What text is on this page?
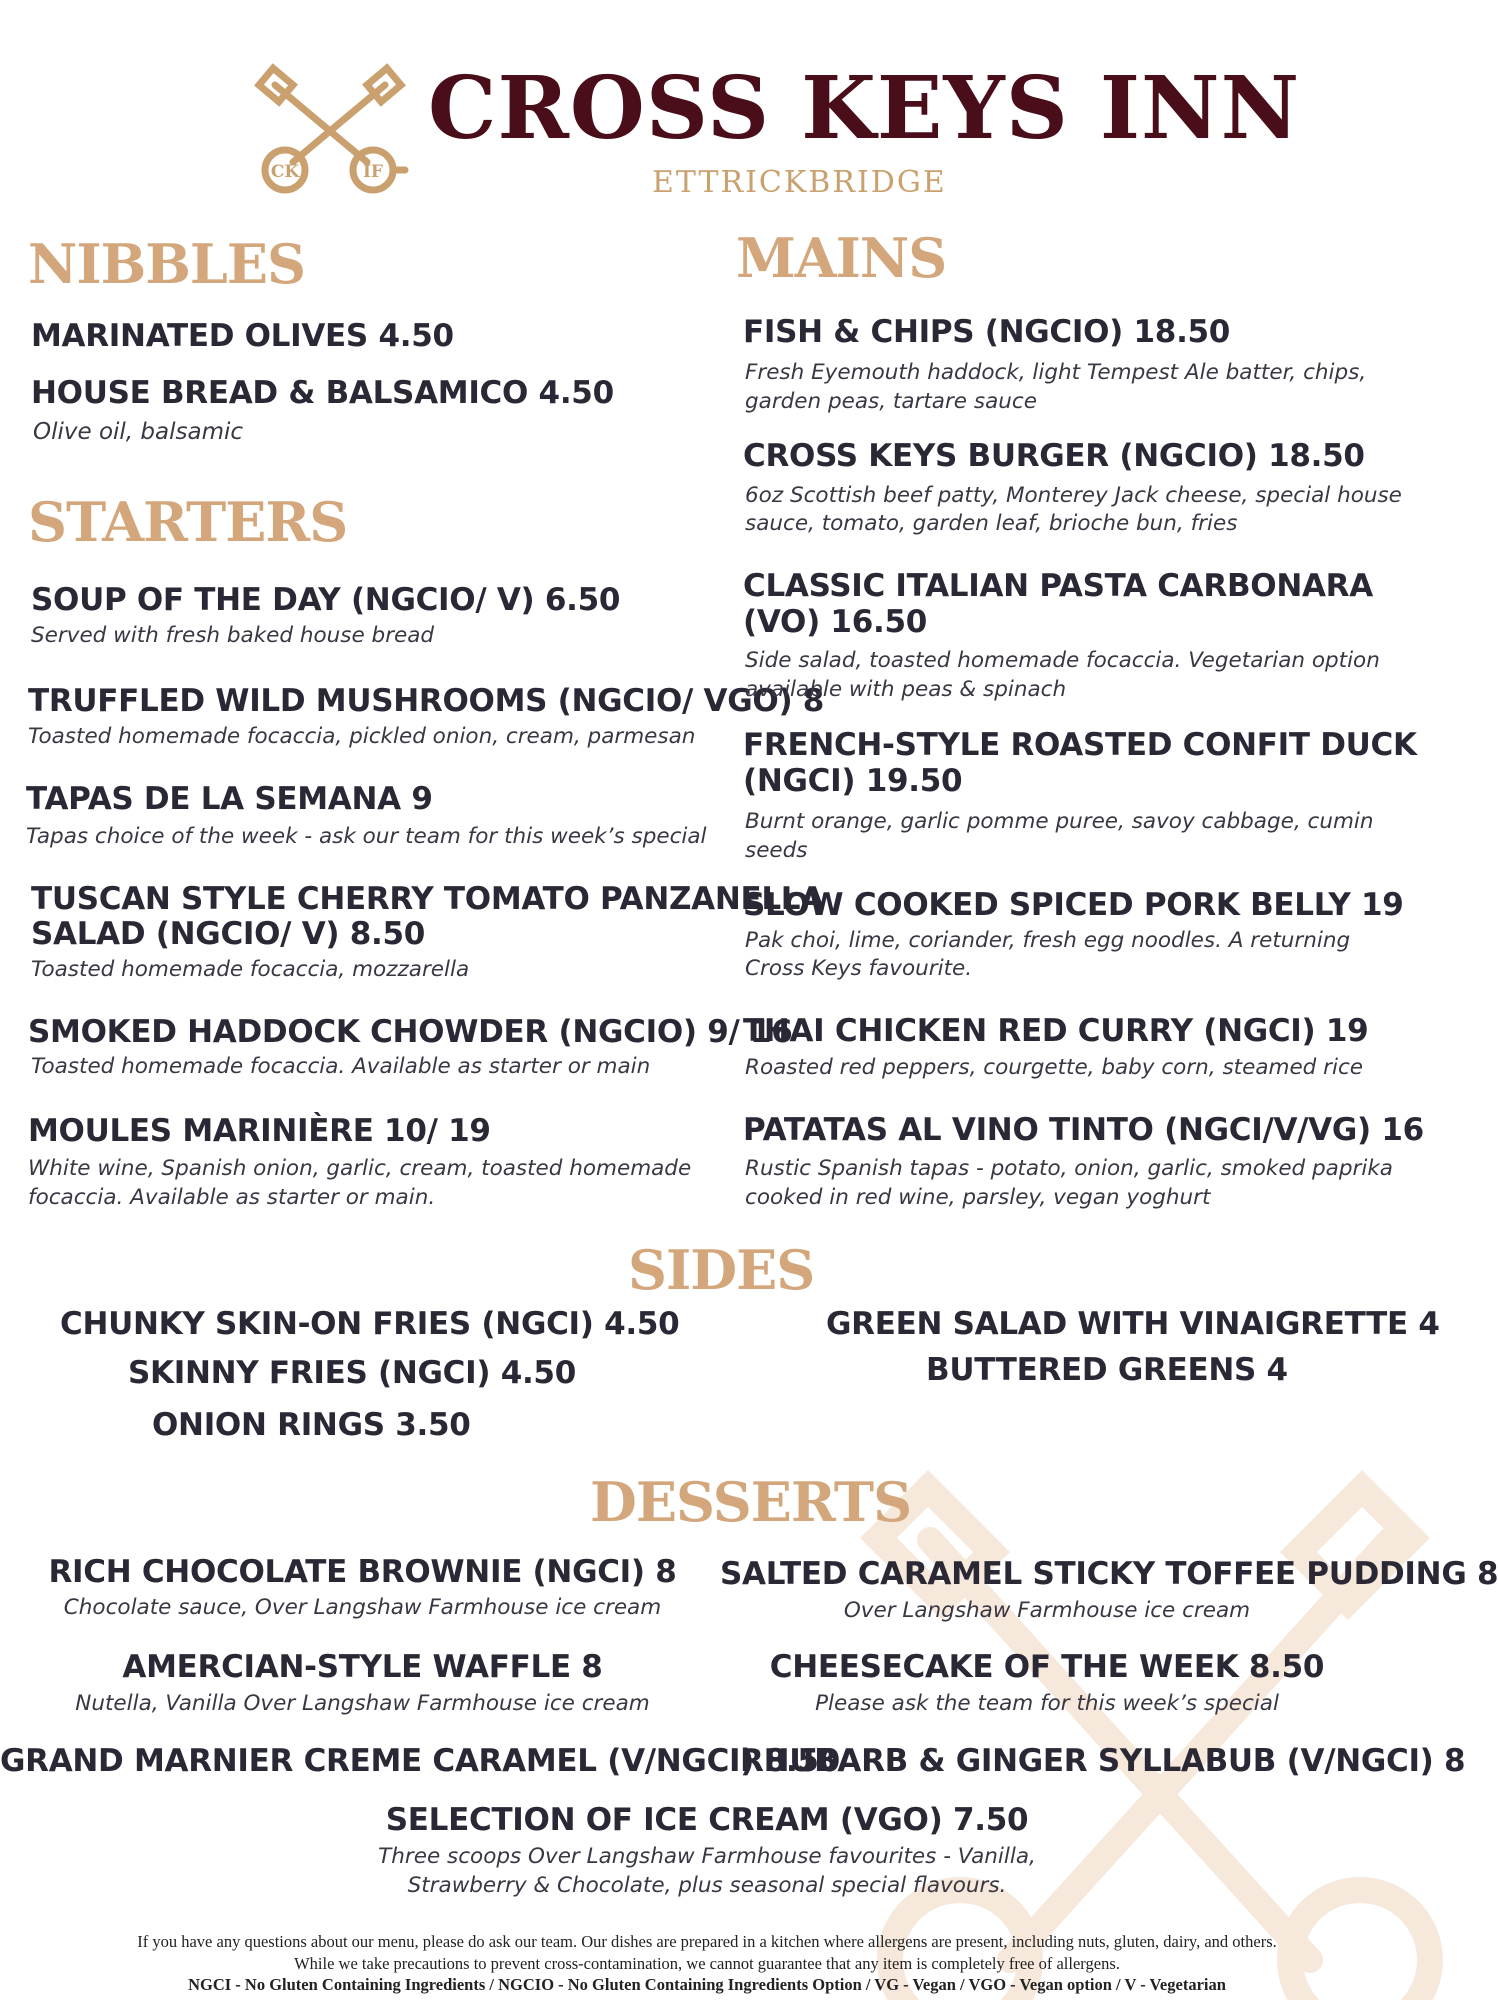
CK	IF
CROSS KEYS INN
ETTRICKBRIDGE
NIBBLES
MARINATED OLIVES 4.50
HOUSE BREAD & BALSAMICO 4.50
Olive oil, balsamic
STARTERS
SOUP OF THE DAY (NGCIO/ V) 6.50
Served with fresh baked house bread
TRUFFLED WILD MUSHROOMS (NGCIO/ VGO) 8
Toasted homemade focaccia, pickled onion, cream, parmesan
TAPAS DE LA SEMANA 9
Tapas choice of the week - ask our team for this week’s special
TUSCAN STYLE CHERRY TOMATO PANZANELLA
SALAD (NGCIO/ V) 8.50
Toasted homemade focaccia, mozzarella
SMOKED HADDOCK CHOWDER (NGCIO) 9/ 16
Toasted homemade focaccia. Available as starter or main
MOULES MARINIÈRE 10/ 19
White wine, Spanish onion, garlic, cream, toasted homemade
focaccia. Available as starter or main.
MAINS
FISH & CHIPS (NGCIO) 18.50
Fresh Eyemouth haddock, light Tempest Ale batter, chips,
garden peas, tartare sauce
CROSS KEYS BURGER (NGCIO) 18.50
6oz Scottish beef patty, Monterey Jack cheese, special house
sauce, tomato, garden leaf, brioche bun, fries
CLASSIC ITALIAN PASTA CARBONARA
(VO) 16.50
Side salad, toasted homemade focaccia. Vegetarian option
available with peas & spinach
FRENCH-STYLE ROASTED CONFIT DUCK
(NGCI) 19.50
Burnt orange, garlic pomme puree, savoy cabbage, cumin
seeds
SLOW COOKED SPICED PORK BELLY 19
Pak choi, lime, coriander, fresh egg noodles. A returning
Cross Keys favourite.
THAI CHICKEN RED CURRY (NGCI) 19
Roasted red peppers, courgette, baby corn, steamed rice
PATATAS AL VINO TINTO (NGCI/V/VG) 16
Rustic Spanish tapas - potato, onion, garlic, smoked paprika
cooked in red wine, parsley, vegan yoghurt
SIDES
CHUNKY SKIN-ON FRIES (NGCI) 4.50
SKINNY FRIES (NGCI) 4.50
ONION RINGS 3.50
GREEN SALAD WITH VINAIGRETTE 4
BUTTERED GREENS 4
DESSERTS
RICH CHOCOLATE BROWNIE (NGCI) 8
Chocolate sauce, Over Langshaw Farmhouse ice cream
SALTED CARAMEL STICKY TOFFEE PUDDING 8
Over Langshaw Farmhouse ice cream
AMERCIAN-STYLE WAFFLE 8
Nutella, Vanilla Over Langshaw Farmhouse ice cream
CHEESECAKE OF THE WEEK 8.50
Please ask the team for this week’s special
GRAND MARNIER CREME CARAMEL (V/NGCI) 8.50
RHUBARB & GINGER SYLLABUB (V/NGCI) 8
SELECTION OF ICE CREAM (VGO) 7.50
Three scoops Over Langshaw Farmhouse favourites - Vanilla,
Strawberry & Chocolate, plus seasonal special flavours.
If you have any questions about our menu, please do ask our team. Our dishes are prepared in a kitchen where allergens are present, including nuts, gluten, dairy, and others.
While we take precautions to prevent cross-contamination, we cannot guarantee that any item is completely free of allergens.
NGCI - No Gluten Containing Ingredients / NGCIO - No Gluten Containing Ingredients Option / VG - Vegan / VGO - Vegan option / V - Vegetarian
